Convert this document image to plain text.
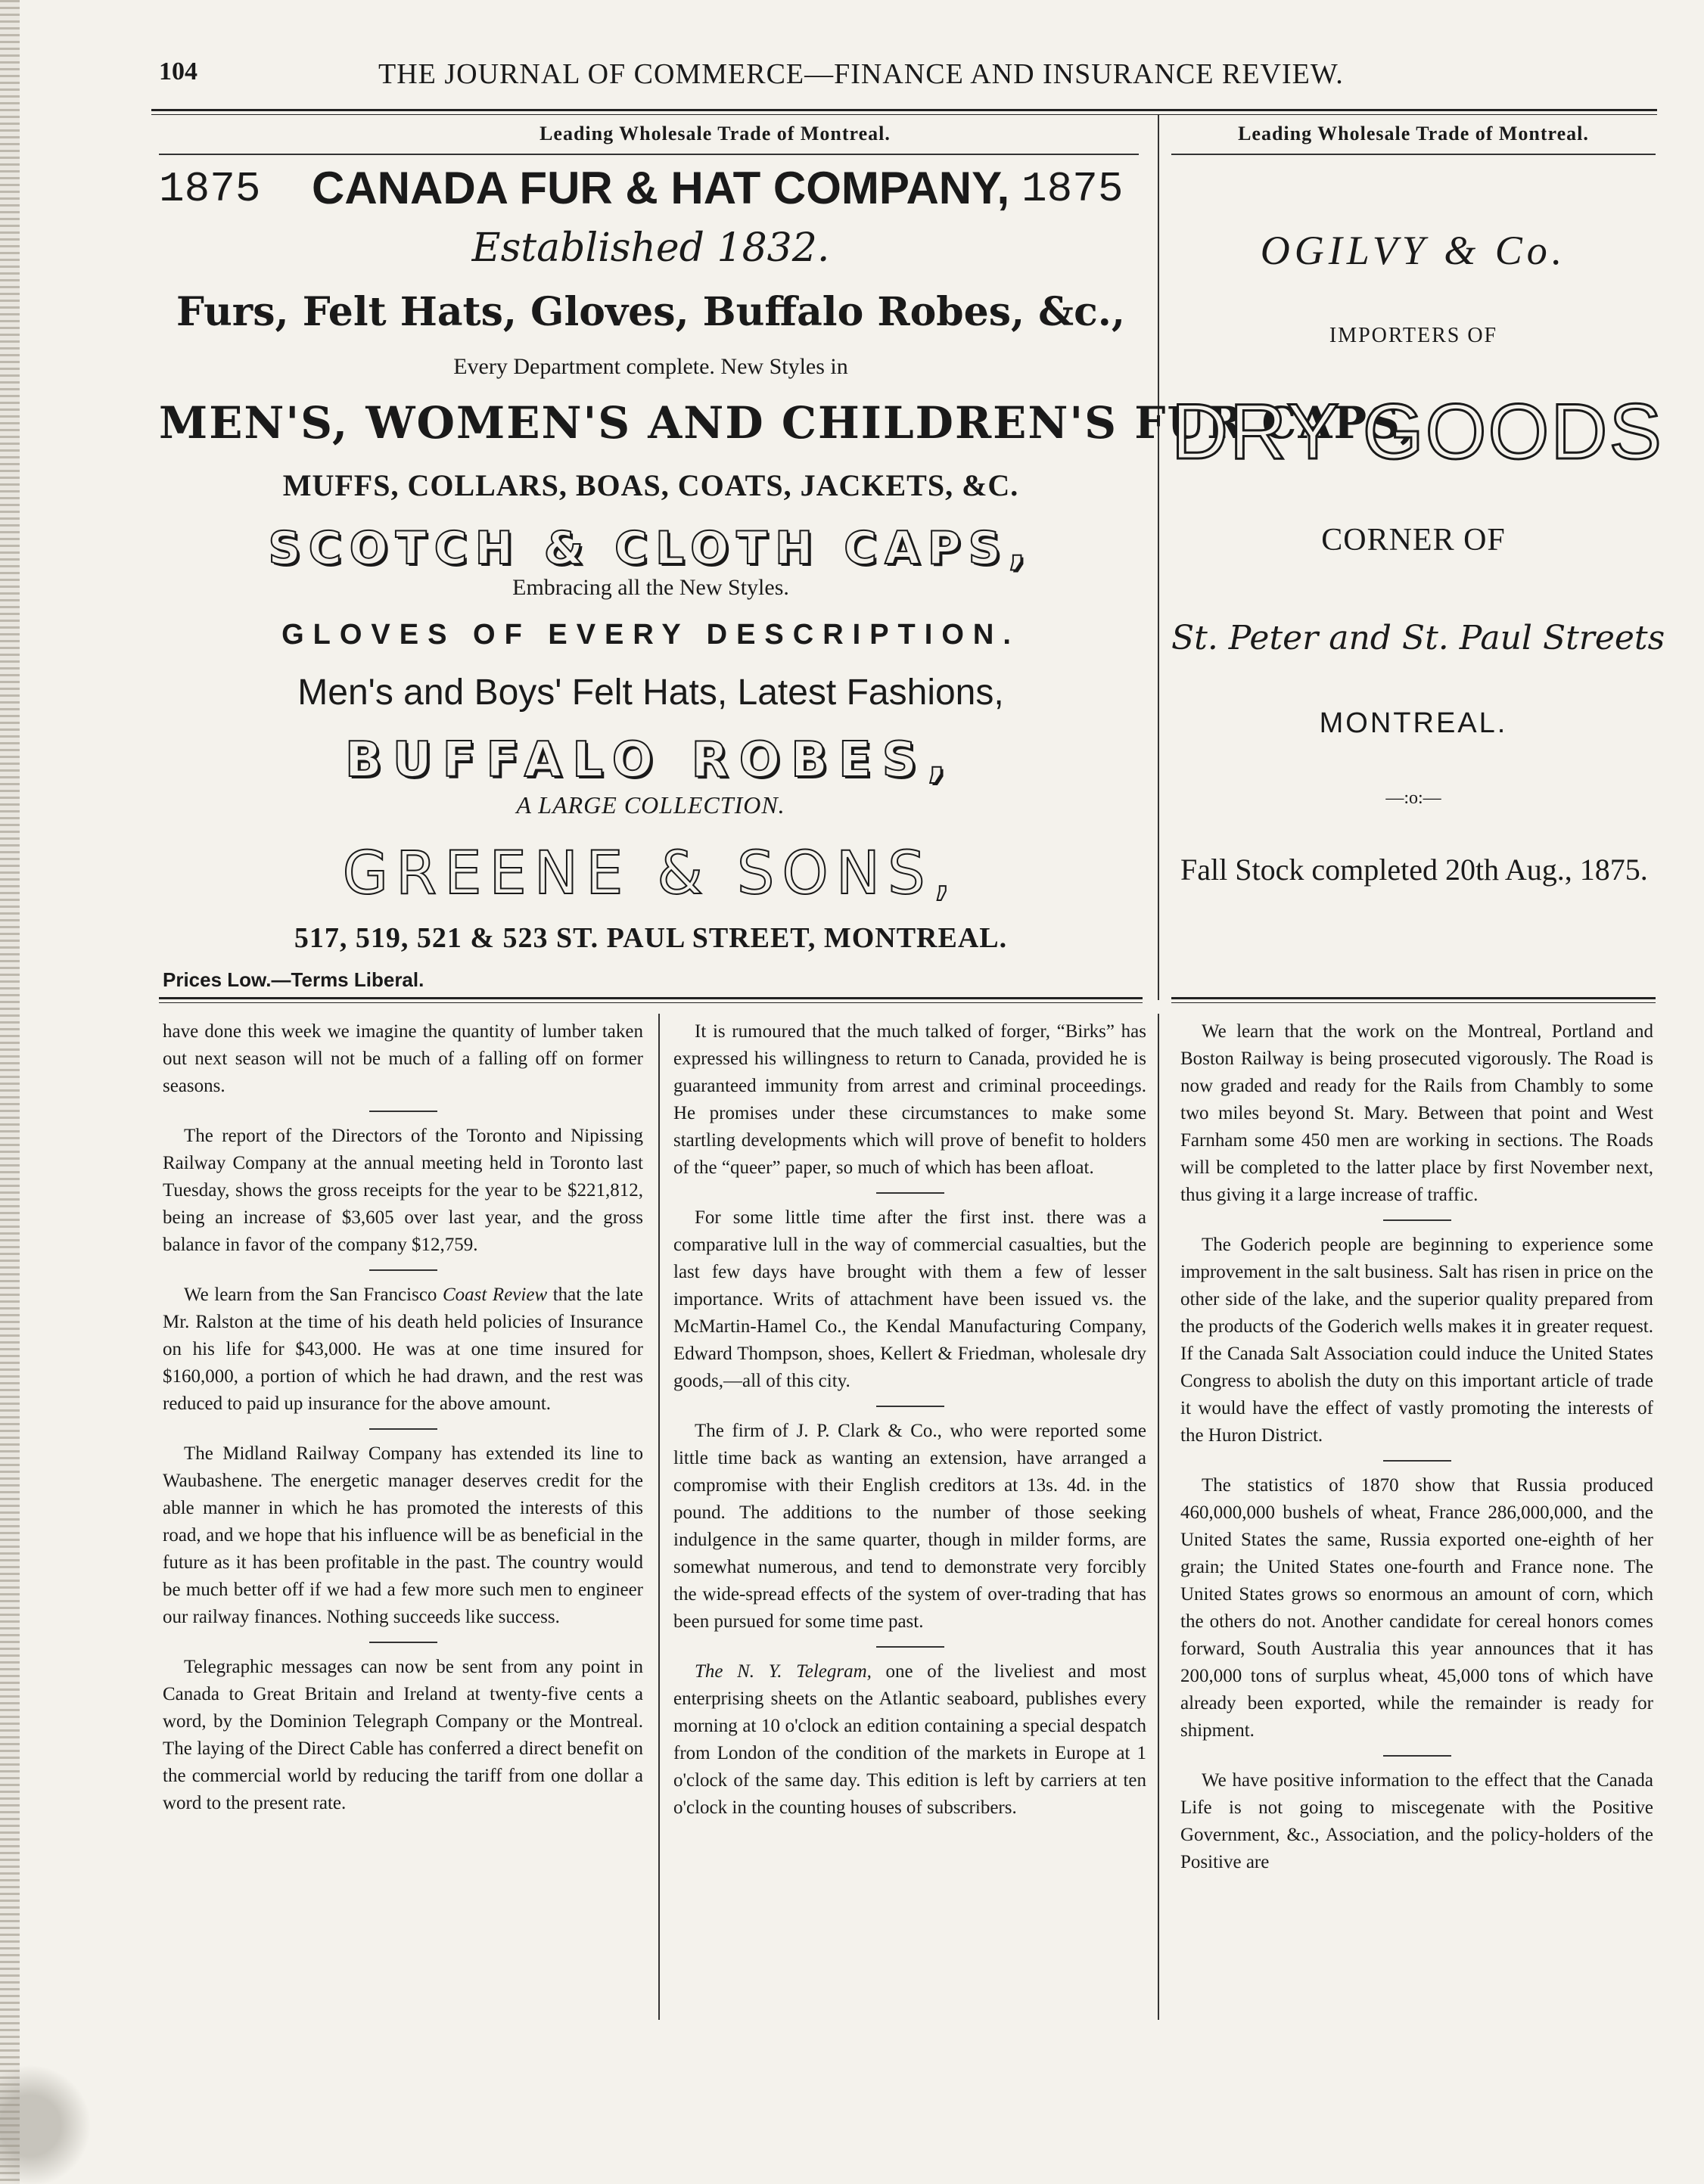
104	THE JOURNAL OF COMMERCE—FINANCE AND INSURANCE REVIEW.
Leading Wholesale Trade of Montreal.
1875 CANADA FUR & HAT COMPANY, 1875
Established 1832.
Furs, Felt Hats, Gloves, Buffalo Robes, &c.,
Every Department complete. New Styles in
MEN'S, WOMEN'S AND CHILDREN'S FUR CAPS,
MUFFS, COLLARS, BOAS, COATS, JACKETS, &C.
SCOTCH & CLOTH CAPS,
Embracing all the New Styles.
GLOVES OF EVERY DESCRIPTION.
Men's and Boys' Felt Hats, Latest Fashions,
BUFFALO ROBES,
A LARGE COLLECTION.
GREENE & SONS,
517, 519, 521 & 523 ST. PAUL STREET, MONTREAL.
Prices Low.—Terms Liberal.
Leading Wholesale Trade of Montreal.
OGILVY & Co.
IMPORTERS OF
DRY GOODS
CORNER OF
St. Peter and St. Paul Streets
MONTREAL.
—:o:—
Fall Stock completed 20th Aug., 1875.

have done this week we imagine the quantity of lumber taken out next season will not be much of a falling off on former seasons.

The report of the Directors of the Toronto and Nipissing Railway Company at the annual meeting held in Toronto last Tuesday, shows the gross receipts for the year to be $221,812, being an increase of $3,605 over last year, and the gross balance in favor of the company $12,759.

We learn from the San Francisco Coast Review that the late Mr. Ralston at the time of his death held policies of Insurance on his life for $43,000. He was at one time insured for $160,000, a portion of which he had drawn, and the rest was reduced to paid up insurance for the above amount.

The Midland Railway Company has extended its line to Waubashene. The energetic manager deserves credit for the able manner in which he has promoted the interests of this road, and we hope that his influence will be as beneficial in the future as it has been profitable in the past. The country would be much better off if we had a few more such men to engineer our railway finances. Nothing succeeds like success.

Telegraphic messages can now be sent from any point in Canada to Great Britain and Ireland at twenty-five cents a word, by the Dominion Telegraph Company or the Montreal. The laying of the Direct Cable has conferred a direct benefit on the commercial world by reducing the tariff from one dollar a word to the present rate.

It is rumoured that the much talked of forger, “Birks” has expressed his willingness to return to Canada, provided he is guaranteed immunity from arrest and criminal proceedings. He promises under these circumstances to make some startling developments which will prove of benefit to holders of the “queer” paper, so much of which has been afloat.

For some little time after the first inst. there was a comparative lull in the way of commercial casualties, but the last few days have brought with them a few of lesser importance. Writs of attachment have been issued vs. the McMartin-Hamel Co., the Kendal Manufacturing Company, Edward Thompson, shoes, Kellert & Friedman, wholesale dry goods,—all of this city.

The firm of J. P. Clark & Co., who were reported some little time back as wanting an extension, have arranged a compromise with their English creditors at 13s. 4d. in the pound. The additions to the number of those seeking indulgence in the same quarter, though in milder forms, are somewhat numerous, and tend to demonstrate very forcibly the wide-spread effects of the system of over-trading that has been pursued for some time past.

The N. Y. Telegram, one of the liveliest and most enterprising sheets on the Atlantic seaboard, publishes every morning at 10 o'clock an edition containing a special despatch from London of the condition of the markets in Europe at 1 o'clock of the same day. This edition is left by carriers at ten o'clock in the counting houses of subscribers.

We learn that the work on the Montreal, Portland and Boston Railway is being prosecuted vigorously. The Road is now graded and ready for the Rails from Chambly to some two miles beyond St. Mary. Between that point and West Farnham some 450 men are working in sections. The Roads will be completed to the latter place by first November next, thus giving it a large increase of traffic.

The Goderich people are beginning to experience some improvement in the salt business. Salt has risen in price on the other side of the lake, and the superior quality prepared from the products of the Goderich wells makes it in greater request. If the Canada Salt Association could induce the United States Congress to abolish the duty on this important article of trade it would have the effect of vastly promoting the interests of the Huron District.

The statistics of 1870 show that Russia produced 460,000,000 bushels of wheat, France 286,000,000, and the United States the same, Russia exported one-eighth of her grain; the United States one-fourth and France none. The United States grows so enormous an amount of corn, which the others do not. Another candidate for cereal honors comes forward, South Australia this year announces that it has 200,000 tons of surplus wheat, 45,000 tons of which have already been exported, while the remainder is ready for shipment.

We have positive information to the effect that the Canada Life is not going to miscegenate with the Positive Government, &c., Association, and the policy-holders of the Positive are
